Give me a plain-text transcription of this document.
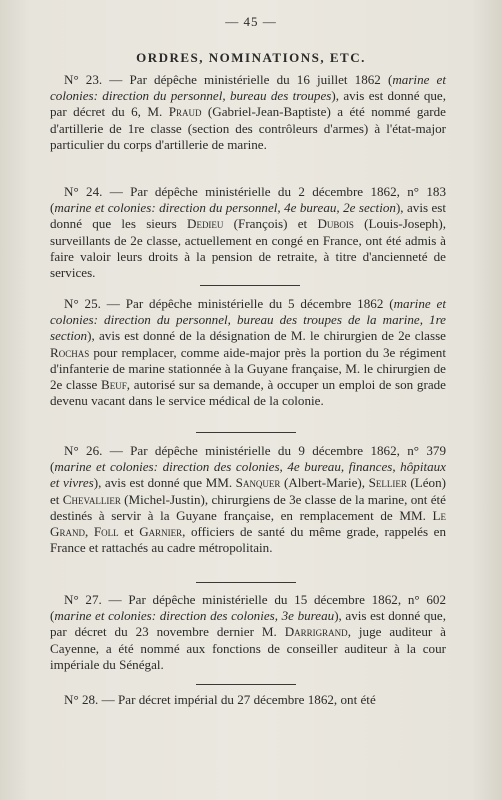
— 45 —
ORDRES, NOMINATIONS, ETC.

N° 23. — Par dépêche ministérielle du 16 juillet 1862 (marine et colonies: direction du personnel, bureau des troupes), avis est donné que, par décret du 6, M. Praud (Gabriel-Jean-Baptiste) a été nommé garde d'artillerie de 1re classe (section des contrôleurs d'armes) à l'état-major particulier du corps d'artillerie de marine.

N° 24. — Par dépêche ministérielle du 2 décembre 1862, n° 183 (marine et colonies: direction du personnel, 4e bureau, 2e section), avis est donné que les sieurs Dedieu (François) et Dubois (Louis-Joseph), surveillants de 2e classe, actuellement en congé en France, ont été admis à faire valoir leurs droits à la pension de retraite, à titre d'ancienneté de services.

N° 25. — Par dépêche ministérielle du 5 décembre 1862 (marine et colonies: direction du personnel, bureau des troupes de la marine, 1re section), avis est donné de la désignation de M. le chirurgien de 2e classe Rochas pour remplacer, comme aide-major près la portion du 3e régiment d'infanterie de marine stationnée à la Guyane française, M. le chirurgien de 2e classe Beuf, autorisé sur sa demande, à occuper un emploi de son grade devenu vacant dans le service médical de la colonie.

N° 26. — Par dépêche ministérielle du 9 décembre 1862, n° 379 (marine et colonies: direction des colonies, 4e bureau, finances, hôpitaux et vivres), avis est donné que MM. Sanquer (Albert-Marie), Sellier (Léon) et Chevallier (Michel-Justin), chirurgiens de 3e classe de la marine, ont été destinés à servir à la Guyane française, en remplacement de MM. Le Grand, Foll et Garnier, officiers de santé du même grade, rappelés en France et rattachés au cadre métropolitain.

N° 27. — Par dépêche ministérielle du 15 décembre 1862, n° 602 (marine et colonies: direction des colonies, 3e bureau), avis est donné que, par décret du 23 novembre dernier M. Darrigrand, juge auditeur à Cayenne, a été nommé aux fonctions de conseiller auditeur à la cour impériale du Sénégal.

N° 28. — Par décret impérial du 27 décembre 1862, ont été
